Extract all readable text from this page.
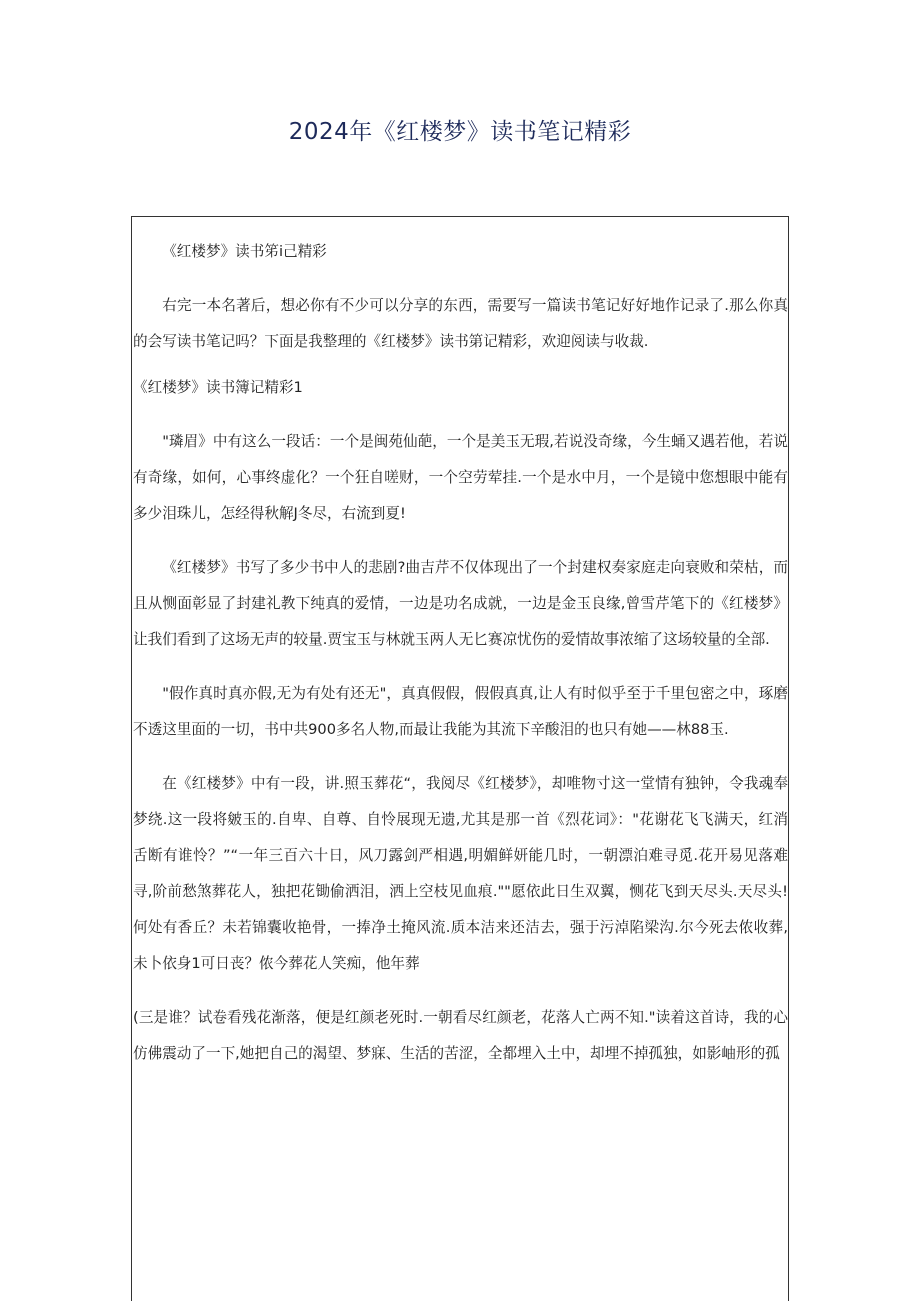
2024年《红楼梦》读书笔记精彩

《红楼梦》读书笫i己精彩

右完一本名著后，想必你有不少可以分享的东西，需要写一篇读书笔记好好地作记录了.那么你真的会写读书笔记吗？下面是我整理的《红楼梦》读书第记精彩，欢迎阅读与收裁.

《红楼梦》读书簿记精彩1

"璘眉》中有这么一段话：一个是闽苑仙葩，一个是美玉无瑕,若说没奇缘，今生蛹又遇若他，若说有奇缘，如何，心事终虚化？一个狂自嗟财，一个空劳荤挂.一个是水中月，一个是镜中您想眼中能有多少泪珠儿，怎经得秋解J冬尽，右流到夏!

《红楼梦》书写了多少书中人的悲剧?曲吉芹不仅体现出了一个封建权奏家庭走向衰败和荣枯，而且从恻面彰显了封建礼教下纯真的爱情，一边是功名成就，一边是金玉良缘,曾雪芹笔下的《红楼梦》让我们看到了这场无声的较量.贾宝玉与林就玉两人无匕赛凉忧伤的爱情故事浓缩了这场较量的全部.

"假作真时真亦假,无为有处有还无"，真真假假，假假真真,让人有时似乎至于千里包密之中，琢磨不透这里面的一切，书中共900多名人物,而最让我能为其流下辛酸泪的也只有她——林88玉.

在《红楼梦》中有一段，讲.照玉葬花“，我阅尽《红楼梦》，却唯物寸这一堂情有独钟，令我魂奉梦绕.这一段将皴玉的.自卑、自尊、自怜展现无遗,尤其是那一首《烈花词》："花谢花飞飞满天，红消舌断有谁怜？”“一年三百六十日，风刀露剑严相遇,明媚鲜妍能几时，一朝漂泊难寻觅.花开易见落难寻,阶前愁煞葬花人，独把花锄偷洒泪，洒上空枝见血痕.""愿依此日生双翼，恻花飞到天尽头.天尽头!何处有香丘？未若锦囊收艳骨，一捧净土掩风流.质本洁来还洁去，强于污淖陷梁沟.尔今死去侬收葬,未卜依身1可日丧？侬今葬花人笑痴，他年葬

(三是谁？试卷看残花渐落，便是红颜老死时.一朝看尽红颜老，花落人亡两不知."读着这首诗，我的心仿佛震动了一下,她把自己的渴望、梦寐、生活的苦涩，全都埋入土中，却埋不掉孤独，如影岫形的孤
